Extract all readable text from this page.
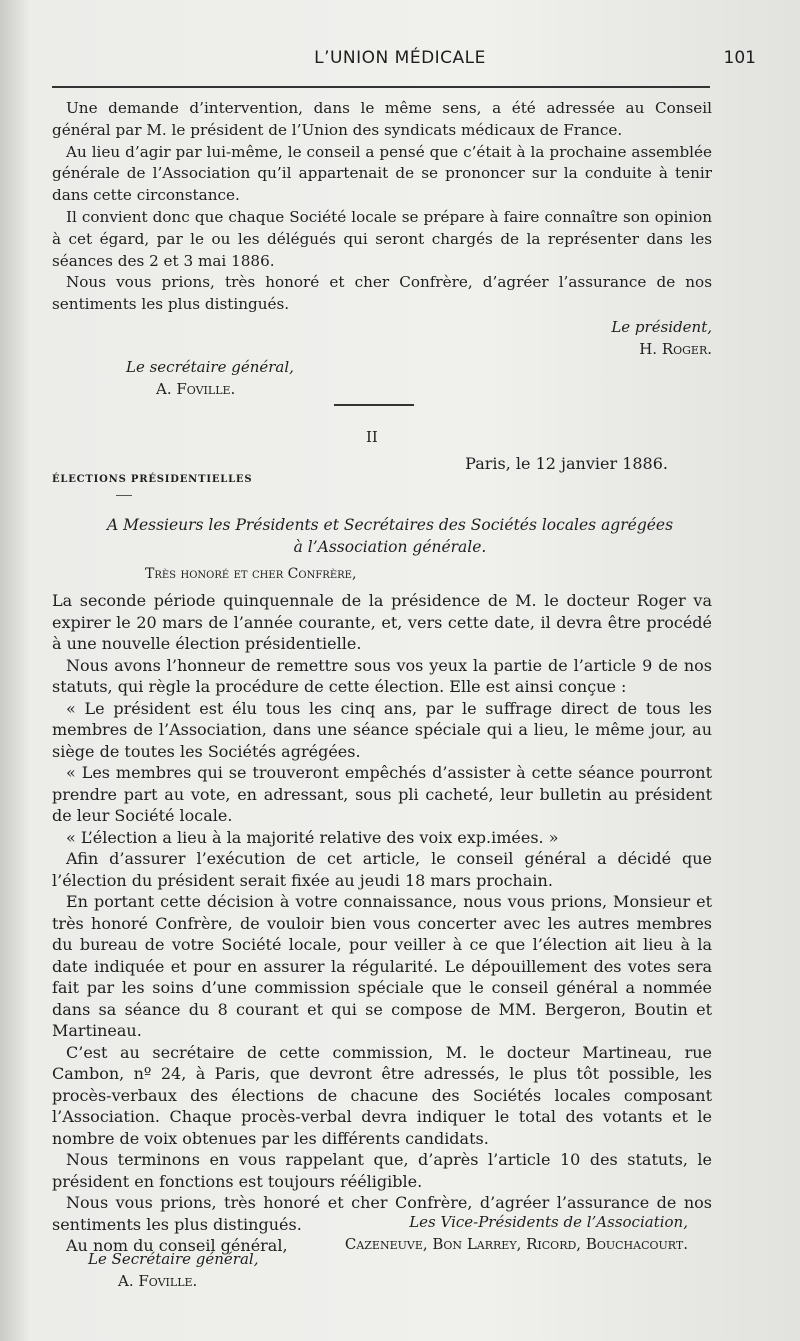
L’UNION MÉDICALE	101

Une demande d’intervention, dans le même sens, a été adressée au Conseil général par M. le président de l’Union des syndicats médicaux de France.

Au lieu d’agir par lui-même, le conseil a pensé que c’était à la prochaine assemblée générale de l’Association qu’il appartenait de se prononcer sur la conduite à tenir dans cette circonstance.

Il convient donc que chaque Société locale se prépare à faire connaître son opinion à cet égard, par le ou les délégués qui seront chargés de la représenter dans les séances des 2 et 3 mai 1886.

Nous vous prions, très honoré et cher Confrère, d’agréer l’assurance de nos sentiments les plus distingués.

Le président,
H. Roger.
Le secrétaire général,
A. Foville.
II
Paris, le 12 janvier 1886.
ÉLECTIONS PRÉSIDENTIELLES
A Messieurs les Présidents et Secrétaires des Sociétés locales agrégées
à l’Association générale.
Très honoré et cher Confrère,

La seconde période quinquennale de la présidence de M. le docteur Roger va expirer le 20 mars de l’année courante, et, vers cette date, il devra être procédé à une nouvelle élection présidentielle.

Nous avons l’honneur de remettre sous vos yeux la partie de l’article 9 de nos statuts, qui règle la procédure de cette élection. Elle est ainsi conçue :

« Le président est élu tous les cinq ans, par le suffrage direct de tous les membres de l’Association, dans une séance spéciale qui a lieu, le même jour, au siège de toutes les Sociétés agrégées.

« Les membres qui se trouveront empêchés d’assister à cette séance pourront prendre part au vote, en adressant, sous pli cacheté, leur bulletin au président de leur Société locale.

« L’élection a lieu à la majorité relative des voix exp.imées. »

Afin d’assurer l’exécution de cet article, le conseil général a décidé que l’élection du président serait fixée au jeudi 18 mars prochain.

En portant cette décision à votre connaissance, nous vous prions, Monsieur et très honoré Confrère, de vouloir bien vous concerter avec les autres membres du bureau de votre Société locale, pour veiller à ce que l’élection ait lieu à la date indiquée et pour en assurer la régularité. Le dépouillement des votes sera fait par les soins d’une commission spéciale que le conseil général a nommée dans sa séance du 8 courant et qui se compose de MM. Bergeron, Boutin et Martineau.

C’est au secrétaire de cette commission, M. le docteur Martineau, rue Cambon, nº 24, à Paris, que devront être adressés, le plus tôt possible, les procès-verbaux des élections de chacune des Sociétés locales composant l’Association. Chaque procès-verbal devra indiquer le total des votants et le nombre de voix obtenues par les différents candidats.

Nous terminons en vous rappelant que, d’après l’article 10 des statuts, le président en fonctions est toujours rééligible.

Nous vous prions, très honoré et cher Confrère, d’agréer l’assurance de nos sentiments les plus distingués.

Au nom du conseil général,

Les Vice-Présidents de l’Association,
Cazeneuve, Bon Larrey, Ricord, Bouchacourt.
Le Secrétaire général,
A. Foville.
